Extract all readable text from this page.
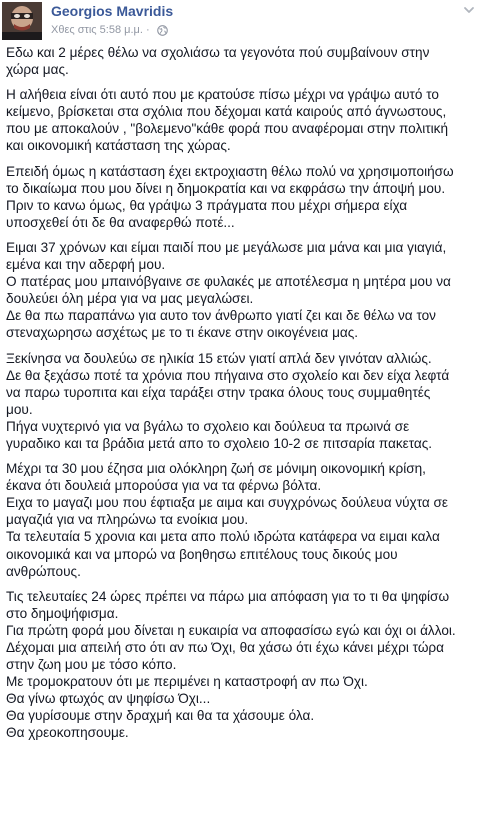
Georgios Mavridis
Χθες στις 5:58 μ.μ. ·

Εδω και 2 μέρες θέλω να σχολιάσω τα γεγονότα πού συμβαίνουν στην
χώρα μας.

Η αλήθεια είναι ότι αυτό που με κρατούσε πίσω μέχρι να γράψω αυτό το
κείμενο, βρίσκεται στα σχόλια που δέχομαι κατά καιρούς από άγνωστους,
που με αποκαλούν , "βολεμενο"κάθε φορά που αναφέρομαι στην πολιτική
και οικονομική κατάσταση της χώρας.

Επειδή όμως η κατάσταση έχει εκτροχιαστη θέλω πολύ να χρησιμοποιήσω
το δικαίωμα που μου δίνει η δημοκρατία και να εκφράσω την άποψή μου.
Πριν το κανω όμως, θα γράψω 3 πράγματα που μέχρι σήμερα είχα
υποσχεθεί ότι δε θα αναφερθώ ποτέ...

Ειμαι 37 χρόνων και είμαι παιδί που με μεγάλωσε μια μάνα και μια γιαγιά,
εμένα και την αδερφή μου.
Ο πατέρας μου μπαινόβγαινε σε φυλακές με αποτέλεσμα η μητέρα μου να
δουλεύει όλη μέρα για να μας μεγαλώσει.
Δε θα πω παραπάνω για αυτο τον άνθρωπο γιατί ζει και δε θέλω να τον
στεναχωρησω ασχέτως με το τι έκανε στην οικογένεια μας.

Ξεκίνησα να δουλεύω σε ηλικία 15 ετών γιατί απλά δεν γινόταν αλλιώς.
Δε θα ξεχάσω ποτέ τα χρόνια που πήγαινα στο σχολείο και δεν είχα λεφτά
να παρω τυροπιτα και είχα ταράξει στην τρακα όλους τους συμμαθητές
μου.
Πήγα νυχτερινό για να βγάλω το σχολειο και δούλευα τα πρωινά σε
γυραδικο και τα βράδια μετά απο το σχολειο 10-2 σε πιτσαρία πακετας.

Μέχρι τα 30 μου έζησα μια ολόκληρη ζωή σε μόνιμη οικονομική κρίση,
έκανα ότι δουλειά μπορούσα για να τα φέρνω βόλτα.
Ειχα το μαγαζι μου που έφτιαξα με αιμα και συγχρόνως δούλευα νύχτα σε
μαγαζιά για να πληρώνω τα ενοίκια μου.
Τα τελευταία 5 χρονια και μετα απο πολύ ιδρώτα κατάφερα να ειμαι καλα
οικονομικά και να μπορώ να βοηθησω επιτέλους τους δικούς μου
ανθρώπους.

Τις τελευταίες 24 ώρες πρέπει να πάρω μια απόφαση για το τι θα ψηφίσω
στο δημοψήφισμα.
Για πρώτη φορά μου δίνεται η ευκαιρία να αποφασίσω εγώ και όχι οι άλλοι.
Δέχομαι μια απειλή στο ότι αν πω Όχι, θα χάσω ότι έχω κάνει μέχρι τώρα
στην ζωη μου με τόσο κόπο.
Με τρομοκρατουν ότι με περιμένει η καταστροφή αν πω Όχι.
Θα γίνω φτωχός αν ψηφίσω Όχι...
Θα γυρίσουμε στην δραχμή και θα τα χάσουμε όλα.
Θα χρεοκοπησουμε.
